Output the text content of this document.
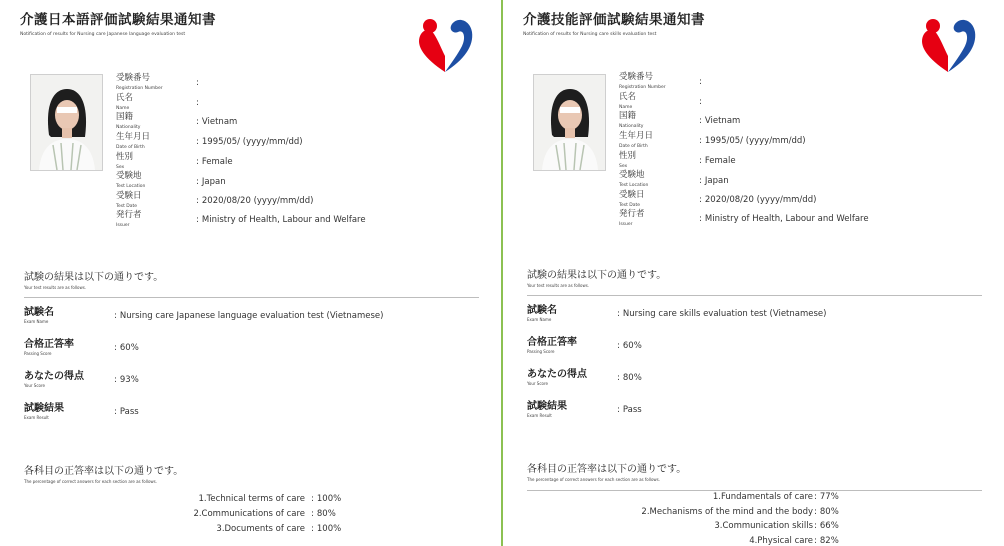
介護日本語評価試験結果通知書
Notification of results for Nursing care Japanese language evaluation test
受験番号
Registration Number
:
氏名
Name
:
国籍
Nationality
: Vietnam
生年月日
Date of Birth
: 1995/05/ (yyyy/mm/dd)
性別
Sex
: Female
受験地
Test Location	: Japan
受験日
Test Date
: 2020/08/20 (yyyy/mm/dd)
発行者
Issuer
: Ministry of Health, Labour and Welfare
試験の結果は以下の通りです。
Your test results are as follows.
試験名
Exam Name
: Nursing care Japanese language evaluation test (Vietnamese)
合格正答率
Passing Score
: 60%
あなたの得点
Your Score
: 93%
試験結果
Exam Result
: Pass
各科目の正答率は以下の通りです。
The percentage of correct answers for each section are as follows.
1.Technical terms of care : 100%
2.Communications of care : 80%
3.Documents of care : 100%
介護技能評価試験結果通知書
Notification of results for Nursing care skills evaluation test
受験番号
Registration Number
:
氏名
Name
:
国籍
Nationality
: Vietnam
生年月日
Date of Birth
: 1995/05/ (yyyy/mm/dd)
性別
Sex
: Female
受験地
Test Location	: Japan
受験日
Test Date
: 2020/08/20 (yyyy/mm/dd)
発行者
Issuer
: Ministry of Health, Labour and Welfare
試験の結果は以下の通りです。
Your test results are as follows.
試験名
Exam Name
: Nursing care skills evaluation test (Vietnamese)
合格正答率
Passing Score
: 60%
あなたの得点
Your Score
: 80%
試験結果
Exam Result
: Pass
各科目の正答率は以下の通りです。
The percentage of correct answers for each section are as follows.
1.Fundamentals of care : 77%
2.Mechanisms of the mind and the body : 80%
3.Communication skills : 66%
4.Physical care : 82%
